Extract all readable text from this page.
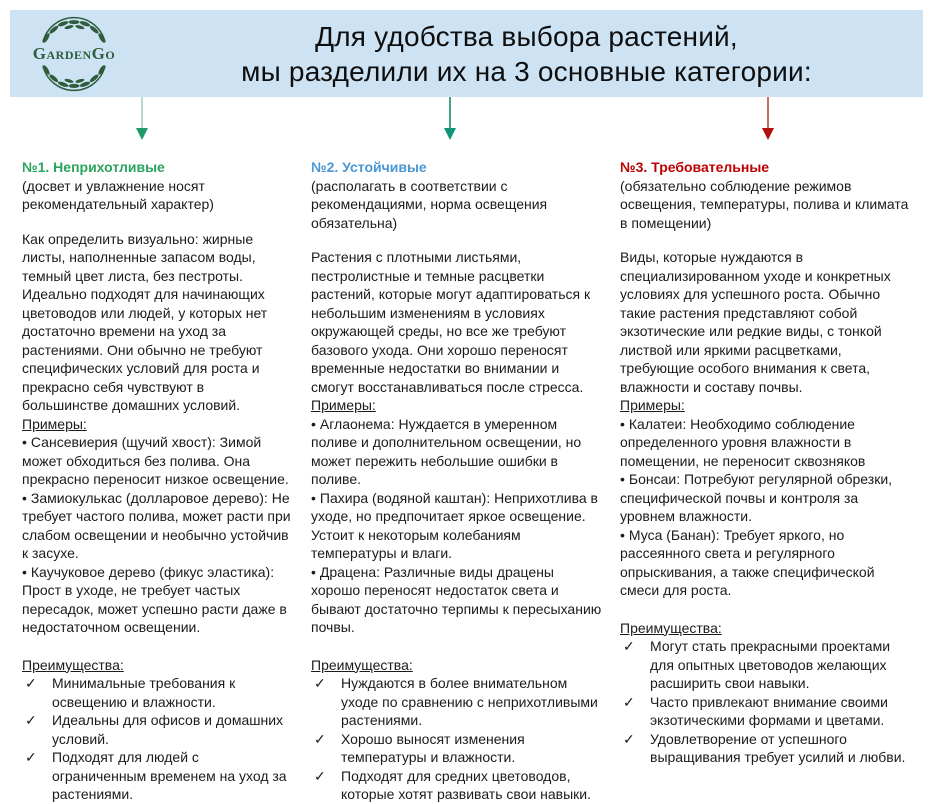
GardenGo
Для удобства выбора растений,
мы разделили их на 3 основные категории:

№1. Неприхотливые

(досвет и увлажнение носят рекомендательный характер)

Как определить визуально: жирные листы, наполненные запасом воды, темный цвет листа, без пестроты. Идеально подходят для начинающих цветоводов или людей, у которых нет достаточно времени на уход за растениями. Они обычно не требуют специфических условий для роста и прекрасно себя чувствуют в большинстве домашних условий.

Примеры:

• Сансевиерия (щучий хвост): Зимой может обходиться без полива. Она прекрасно переносит низкое освещение.

• Замиокулькас (долларовое дерево): Не требует частого полива, может расти при слабом освещении и необычно устойчив к засухе.

• Каучуковое дерево (фикус эластика): Прост в уходе, не требует частых пересадок, может успешно расти даже в недостаточном освещении.

Преимущества:

✓	Минимальные требования к освещению и влажности.
✓	Идеальны для офисов и домашних условий.
✓	Подходят для людей с ограниченным временем на уход за растениями.

№2. Устойчивые

(располагать в соответствии с рекомендациями, норма освещения обязательна)

Растения с плотными листьями, пестролистные и темные расцветки растений, которые могут адаптироваться к небольшим изменениям в условиях окружающей среды, но все же требуют базового ухода. Они хорошо переносят временные недостатки во внимании и смогут восстанавливаться после стресса.

Примеры:

• Аглаонема: Нуждается в умеренном поливе и дополнительном освещении, но может пережить небольшие ошибки в поливе.

• Пахира (водяной каштан): Неприхотлива в уходе, но предпочитает яркое освещение. Устоит к некоторым колебаниям температуры и влаги.

• Драцена: Различные виды драцены хорошо переносят недостаток света и бывают достаточно терпимы к пересыханию почвы.

Преимущества:

✓	Нуждаются в более внимательном уходе по сравнению с неприхотливыми растениями.
✓	Хорошо выносят изменения температуры и влажности.
✓	Подходят для средних цветоводов, которые хотят развивать свои навыки.

№3. Требовательные

(обязательно соблюдение режимов освещения, температуры, полива и климата в помещении)

Виды, которые нуждаются в специализированном уходе и конкретных условиях для успешного роста. Обычно такие растения представляют собой экзотические или редкие виды, с тонкой листвой или яркими расцветками, требующие особого внимания к света, влажности и составу почвы.

Примеры:

• Калатеи: Необходимо соблюдение определенного уровня влажности в помещении, не переносит сквозняков

• Бонсаи: Потребуют регулярной обрезки, специфической почвы и контроля за уровнем влажности.

• Муса (Банан): Требует яркого, но рассеянного света и регулярного опрыскивания, а также специфической смеси для роста.

Преимущества:

✓	Могут стать прекрасными проектами для опытных цветоводов желающих расширить свои навыки.
✓	Часто привлекают внимание своими экзотическими формами и цветами.
✓	Удовлетворение от успешного выращивания требует усилий и любви.
